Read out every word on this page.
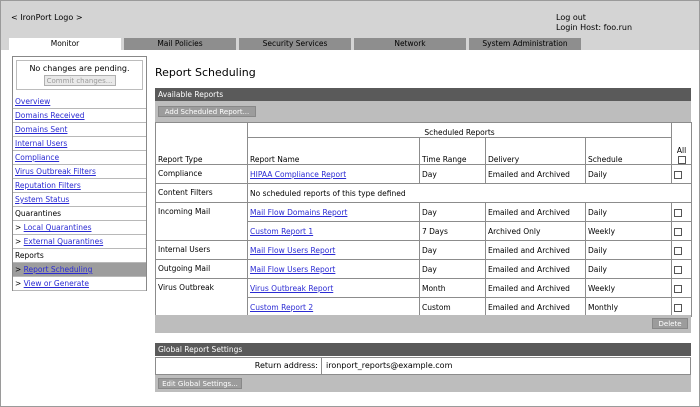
< IronPort Logo >	Log out
Login Host: foo.run
Monitor	Mail Policies	Security Services	Network	System Administration
No changes are pending.
Commit changes...
Overview
Domains Received
Domains Sent
Internal Users
Compliance
Virus Outbreak Filters
Reputation Filters
System Status
Quarantines
> Local Quarantines
> External Quarantines
Reports
> Report Scheduling
> View or Generate
Report Scheduling
Available Reports
Add Scheduled Report...
Report Type	Scheduled Reports				All

	Report Name	Time Range	Delivery	Schedule	
Compliance	HIPAA Compliance Report	Day	Emailed and Archived	Daily	
Content Filters	No scheduled reports of this type defined				
Incoming Mail	Mail Flow Domains Report	Day	Emailed and Archived	Daily	
	Custom Report 1	7 Days	Archived Only	Weekly	
Internal Users	Mail Flow Users Report	Day	Emailed and Archived	Daily	
Outgoing Mail	Mail Flow Users Report	Day	Emailed and Archived	Daily	
Virus Outbreak	Virus Outbreak Report	Month	Emailed and Archived	Weekly	
	Custom Report 2	Custom	Emailed and Archived	Monthly	
Delete
Global Report Settings
Return address:	ironport_reports@example.com
Edit Global Settings...
